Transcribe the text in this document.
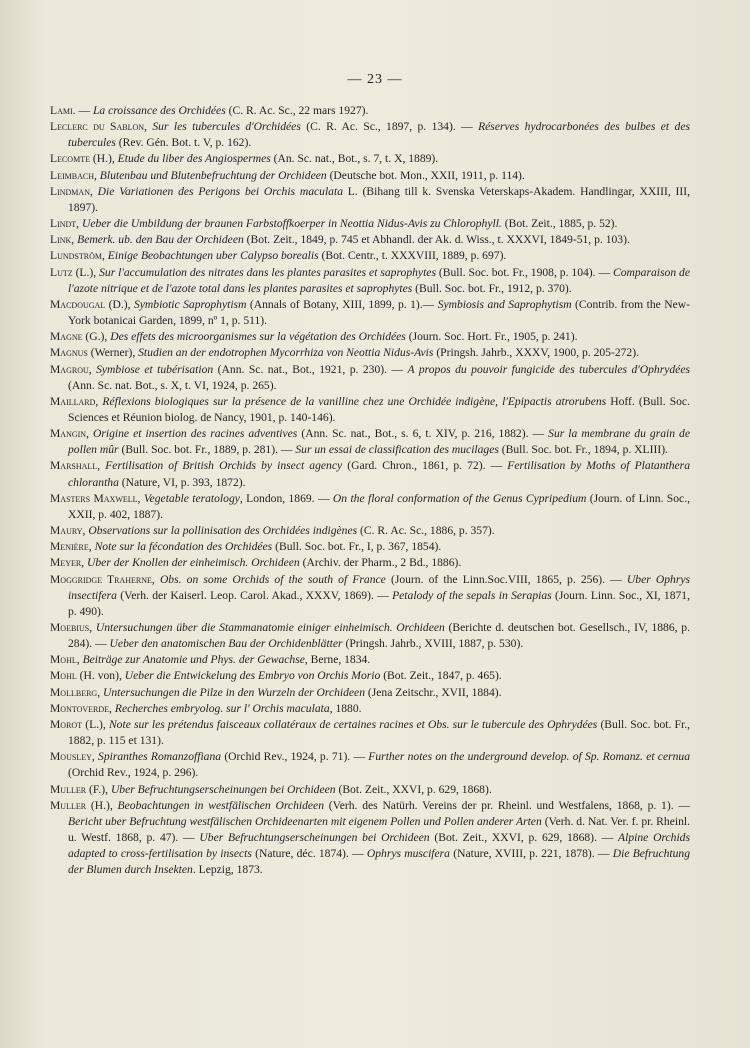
— 23 —

Lami. — La croissance des Orchidées (C. R. Ac. Sc., 22 mars 1927).

Leclerc du Sablon, Sur les tubercules d'Orchidées (C. R. Ac. Sc., 1897, p. 134). — Réserves hydrocarbonées des bulbes et des tubercules (Rev. Gén. Bot. t. V, p. 162).

Lecomte (H.), Etude du liber des Angiospermes (An. Sc. nat., Bot., s. 7, t. X, 1889).

Leimbach, Blutenbau und Blutenbefruchtung der Orchideen (Deutsche bot. Mon., XXII, 1911, p. 114).

Lindman, Die Variationen des Perigons bei Orchis maculata L. (Bihang till k. Svenska Veterskaps-Akadem. Handlingar, XXIII, III, 1897).

Lindt, Ueber die Umbildung der braunen Farbstoffkoerper in Neottia Nidus-Avis zu Chlorophyll. (Bot. Zeit., 1885, p. 52).

Link, Bemerk. ub. den Bau der Orchideen (Bot. Zeit., 1849, p. 745 et Abhandl. der Ak. d. Wiss., t. XXXVI, 1849-51, p. 103).

Lundström, Einige Beobachtungen uber Calypso borealis (Bot. Centr., t. XXXVIII, 1889, p. 697).

Lutz (L.), Sur l'accumulation des nitrates dans les plantes parasites et saprophytes (Bull. Soc. bot. Fr., 1908, p. 104). — Comparaison de l'azote nitrique et de l'azote total dans les plantes parasites et saprophytes (Bull. Soc. bot. Fr., 1912, p. 370).

Macdougal (D.), Symbiotic Saprophytism (Annals of Botany, XIII, 1899, p. 1).— Symbiosis and Saprophytism (Contrib. from the New-York botanicai Garden, 1899, nº 1, p. 511).

Magne (G.), Des effets des microorganismes sur la végétation des Orchidées (Journ. Soc. Hort. Fr., 1905, p. 241).

Magnus (Werner), Studien an der endotrophen Mycorrhiza von Neottia Nidus-Avis (Pringsh. Jahrb., XXXV, 1900, p. 205-272).

Magrou, Symbiose et tubérisation (Ann. Sc. nat., Bot., 1921, p. 230). — A propos du pouvoir fungicide des tubercules d'Ophrydées (Ann. Sc. nat. Bot., s. X, t. VI, 1924, p. 265).

Maillard, Réflexions biologiques sur la présence de la vanilline chez une Orchidée indigène, l'Epipactis atrorubens Hoff. (Bull. Soc. Sciences et Réunion biolog. de Nancy, 1901, p. 140-146).

Mangin, Origine et insertion des racines adventives (Ann. Sc. nat., Bot., s. 6, t. XIV, p. 216, 1882). — Sur la membrane du grain de pollen mûr (Bull. Soc. bot. Fr., 1889, p. 281). — Sur un essai de classification des mucilages (Bull. Soc. bot. Fr., 1894, p. XLIII).

Marshall, Fertilisation of British Orchids by insect agency (Gard. Chron., 1861, p. 72). — Fertilisation by Moths of Platanthera chlorantha (Nature, VI, p. 393, 1872).

Masters Maxwell, Vegetable teratology, London, 1869. — On the floral conformation of the Genus Cypripedium (Journ. of Linn. Soc., XXII, p. 402, 1887).

Maury, Observations sur la pollinisation des Orchidées indigènes (C. R. Ac. Sc., 1886, p. 357).

Menière, Note sur la fécondation des Orchidées (Bull. Soc. bot. Fr., I, p. 367, 1854).

Meyer, Uber der Knollen der einheimisch. Orchideen (Archiv. der Pharm., 2 Bd., 1886).

Moggridge Traherne, Obs. on some Orchids of the south of France (Journ. of the Linn.Soc.VIII, 1865, p. 256). — Uber Ophrys insectifera (Verh. der Kaiserl. Leop. Carol. Akad., XXXV, 1869). — Petalody of the sepals in Serapias (Journ. Linn. Soc., XI, 1871, p. 490).

Moebius, Untersuchungen über die Stammanatomie einiger einheimisch. Orchideen (Berichte d. deutschen bot. Gesellsch., IV, 1886, p. 284). — Ueber den anatomischen Bau der Orchidenblätter (Pringsh. Jahrb., XVIII, 1887, p. 530).

Mohl, Beiträge zur Anatomie und Phys. der Gewachse, Berne, 1834.

Mohl (H. von), Ueber die Entwickelung des Embryo von Orchis Morio (Bot. Zeit., 1847, p. 465).

Mollberg, Untersuchungen die Pilze in den Wurzeln der Orchideen (Jena Zeitschr., XVII, 1884).

Montoverde, Recherches embryolog. sur l' Orchis maculata, 1880.

Morot (L.), Note sur les prétendus faisceaux collatéraux de certaines racines et Obs. sur le tubercule des Ophrydées (Bull. Soc. bot. Fr., 1882, p. 115 et 131).

Mousley, Spiranthes Romanzoffiana (Orchid Rev., 1924, p. 71). — Further notes on the underground develop. of Sp. Romanz. et cernua (Orchid Rev., 1924, p. 296).

Muller (F.), Uber Befruchtungserscheinungen bei Orchideen (Bot. Zeit., XXVI, p. 629, 1868).

Muller (H.), Beobachtungen in westfälischen Orchideen (Verh. des Natürh. Vereins der pr. Rheinl. und Westfalens, 1868, p. 1). — Bericht uber Befruchtung westfälischen Orchideenarten mit eigenem Pollen und Pollen anderer Arten (Verh. d. Nat. Ver. f. pr. Rheinl. u. Westf. 1868, p. 47). — Uber Befruchtungserscheinungen bei Orchideen (Bot. Zeit., XXVI, p. 629, 1868). — Alpine Orchids adapted to cross-fertilisation by insects (Nature, déc. 1874). — Ophrys muscifera (Nature, XVIII, p. 221, 1878). — Die Befruchtung der Blumen durch Insekten. Lepzig, 1873.
